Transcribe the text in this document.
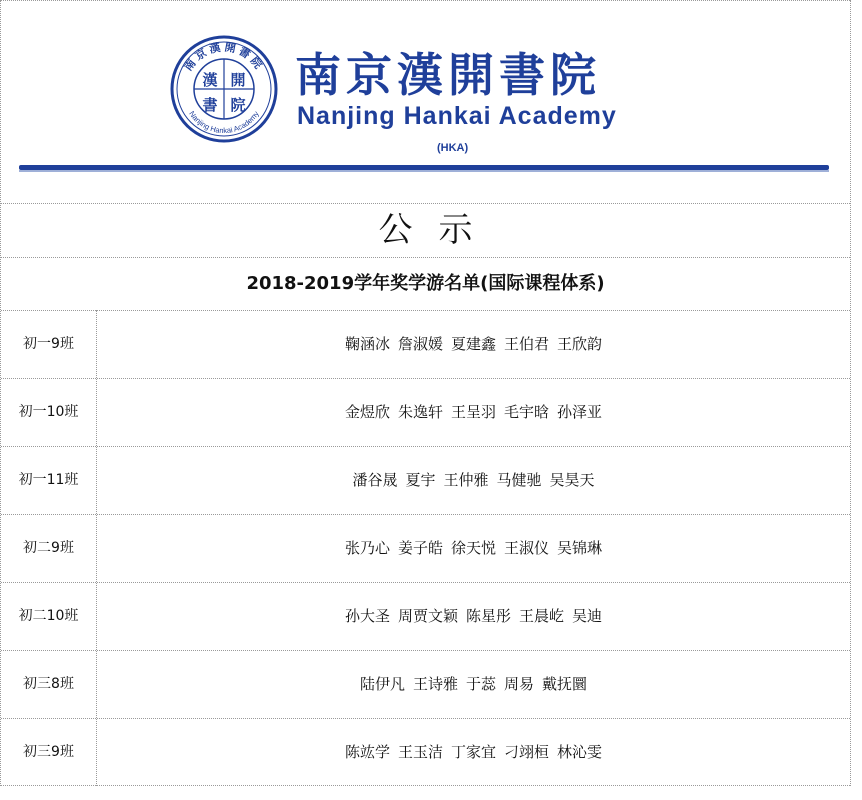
南京漢開書院
Nanjing Hankai Academy
漢 開
書 院
南京漢開書院
Nanjing Hankai Academy
(HKA)
公示
2018-2019学年奖学游名单(国际课程体系)
初一9班	鞠涵冰 詹淑媛 夏建鑫 王伯君 王欣韵
初一10班	金煜欣 朱逸轩 王呈羽 毛宇晗 孙泽亚
初一11班	潘谷晟 夏宇 王仲雅 马健驰 吴昊天
初二9班	张乃心 姜子皓 徐天悦 王淑仪 吴锦琳
初二10班	孙大圣 周贾文颖 陈星彤 王晨屹 吴迪
初三8班	陆伊凡 王诗雅 于蕊 周易 戴抚圜
初三9班	陈竑学 王玉洁 丁家宜 刁翊桓 林沁雯
